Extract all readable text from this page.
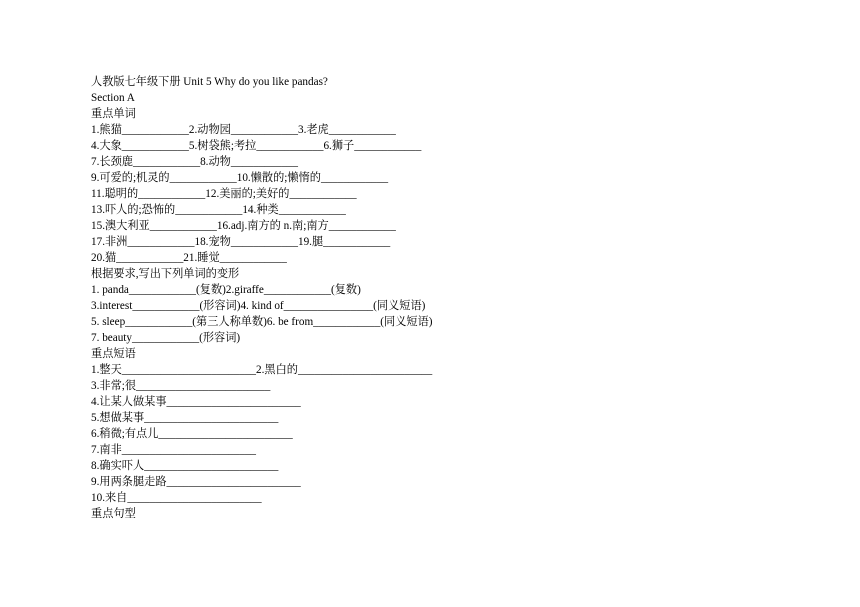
人教版七年级下册 Unit 5 Why do you like pandas?
Section A
重点单词
1.熊猫____________2.动物园____________3.老虎____________
4.大象____________5.树袋熊;考拉____________6.狮子____________
7.长颈鹿____________8.动物____________
9.可爱的;机灵的____________10.懒散的;懒惰的____________
11.聪明的____________12.美丽的;美好的____________
13.吓人的;恐怖的____________14.种类____________
15.澳大利亚____________16.adj.南方的 n.南;南方____________
17.非洲____________18.宠物____________19.腿____________
20.猫____________21.睡觉____________
根据要求,写出下列单词的变形
1. panda____________(复数)2.giraffe____________(复数)
3.interest____________(形容词)4. kind of________________(同义短语)
5. sleep____________(第三人称单数)6. be from____________(同义短语)
7. beauty____________(形容词)
重点短语
1.整天________________________2.黑白的________________________
3.非常;很________________________
4.让某人做某事________________________
5.想做某事________________________
6.稍微;有点儿________________________
7.南非________________________
8.确实吓人________________________
9.用两条腿走路________________________
10.来自________________________
重点句型
